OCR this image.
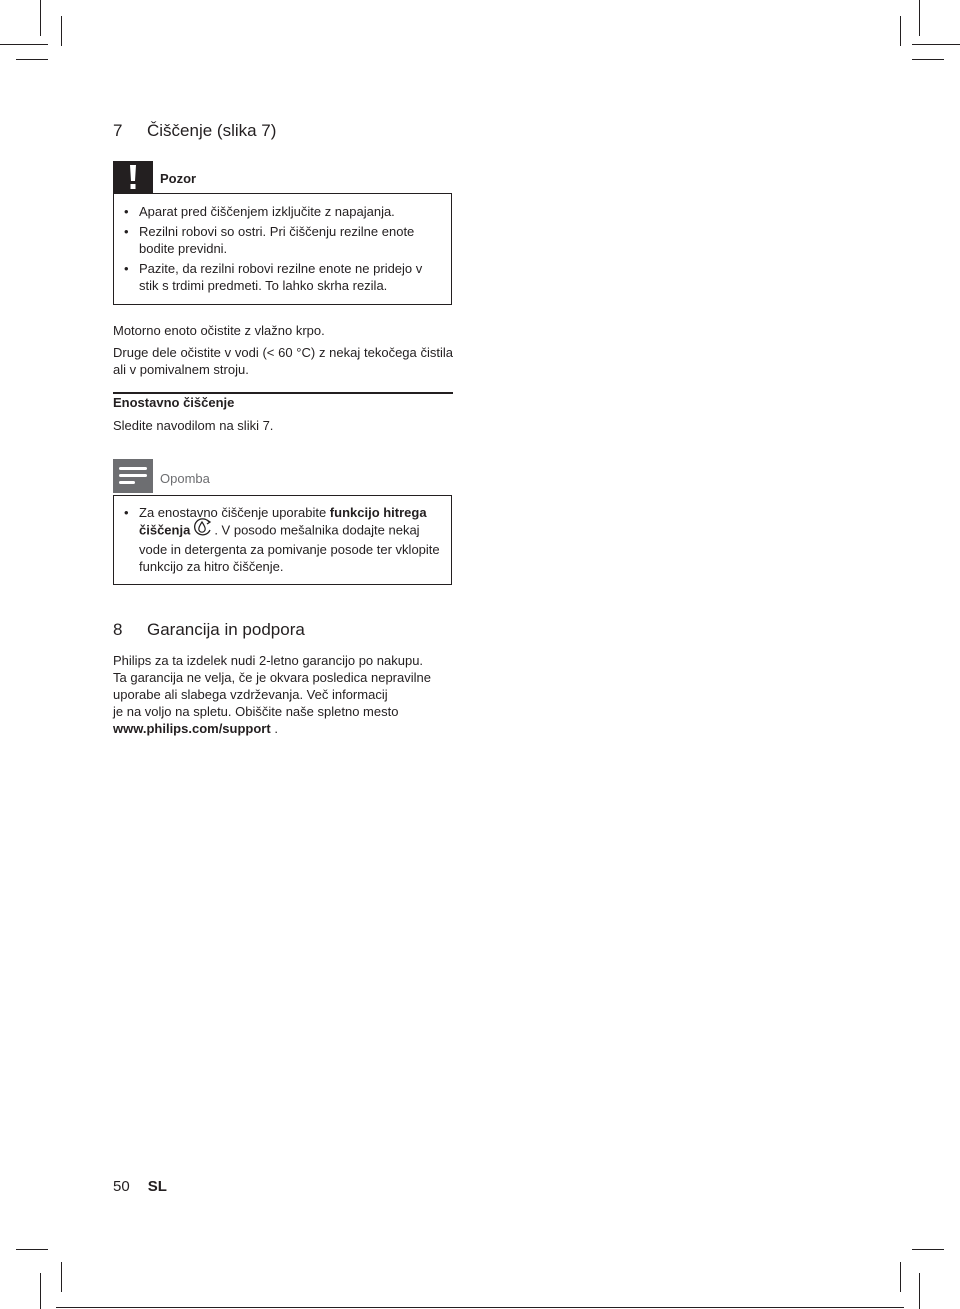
7 Čiščenje (slika 7)
Pozor
• Aparat pred čiščenjem izključite z napajanja.
• Rezilni robovi so ostri. Pri čiščenju rezilne enote bodite previdni.
• Pazite, da rezilni robovi rezilne enote ne pridejo v stik s trdimi predmeti. To lahko skrha rezila.

Motorno enoto očistite z vlažno krpo.

Druge dele očistite v vodi (< 60 °C) z nekaj tekočega čistila ali v pomivalnem stroju.

Enostavno čiščenje

Sledite navodilom na sliki 7.

Opomba
• Za enostavno čiščenje uporabite funkcijo hitrega čiščenja . V posodo mešalnika dodajte nekaj vode in detergenta za pomivanje posode ter vklopite funkcijo za hitro čiščenje.
8 Garancija in podpora
Philips za ta izdelek nudi 2-letno garancijo po nakupu.
Ta garancija ne velja, če je okvara posledica nepravilne
uporabe ali slabega vzdrževanja. Več informacij
je na voljo na spletu. Obiščite naše spletno mesto
www.philips.com/support .
50 SL
